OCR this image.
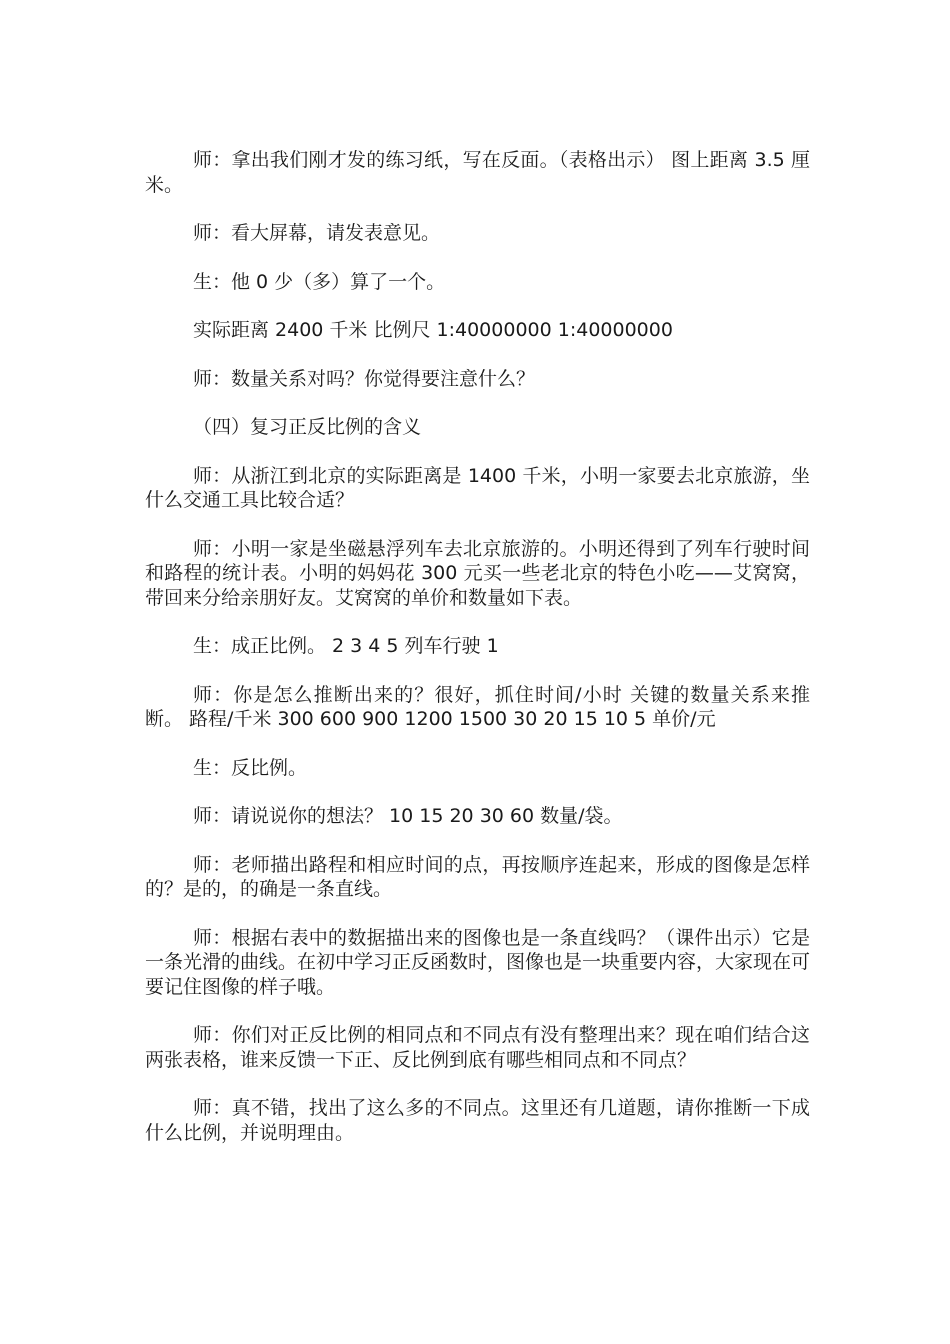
师：拿出我们刚才发的练习纸，写在反面。（表格出示） 图上距离 3.5 厘米。

师：看大屏幕，请发表意见。

生：他 0 少（多）算了一个。

实际距离 2400 千米 比例尺 1:40000000 1:40000000

师：数量关系对吗？你觉得要注意什么？

（四）复习正反比例的含义

师：从浙江到北京的实际距离是 1400 千米，小明一家要去北京旅游，坐什么交通工具比较合适？

师：小明一家是坐磁悬浮列车去北京旅游的。小明还得到了列车行驶时间和路程的统计表。小明的妈妈花 300 元买一些老北京的特色小吃——艾窝窝，带回来分给亲朋好友。艾窝窝的单价和数量如下表。

生：成正比例。 2 3 4 5 列车行驶 1

师：你是怎么推断出来的？很好，抓住时间/小时 关键的数量关系来推断。 路程/千米 300 600 900 1200 1500 30 20 15 10 5 单价/元

生：反比例。

师：请说说你的想法？ 10 15 20 30 60 数量/袋。

师：老师描出路程和相应时间的点，再按顺序连起来，形成的图像是怎样的？是的，的确是一条直线。

师：根据右表中的数据描出来的图像也是一条直线吗？（课件出示）它是一条光滑的曲线。在初中学习正反函数时，图像也是一块重要内容，大家现在可要记住图像的样子哦。

师：你们对正反比例的相同点和不同点有没有整理出来？现在咱们结合这两张表格，谁来反馈一下正、反比例到底有哪些相同点和不同点？

师：真不错，找出了这么多的不同点。这里还有几道题，请你推断一下成什么比例，并说明理由。
